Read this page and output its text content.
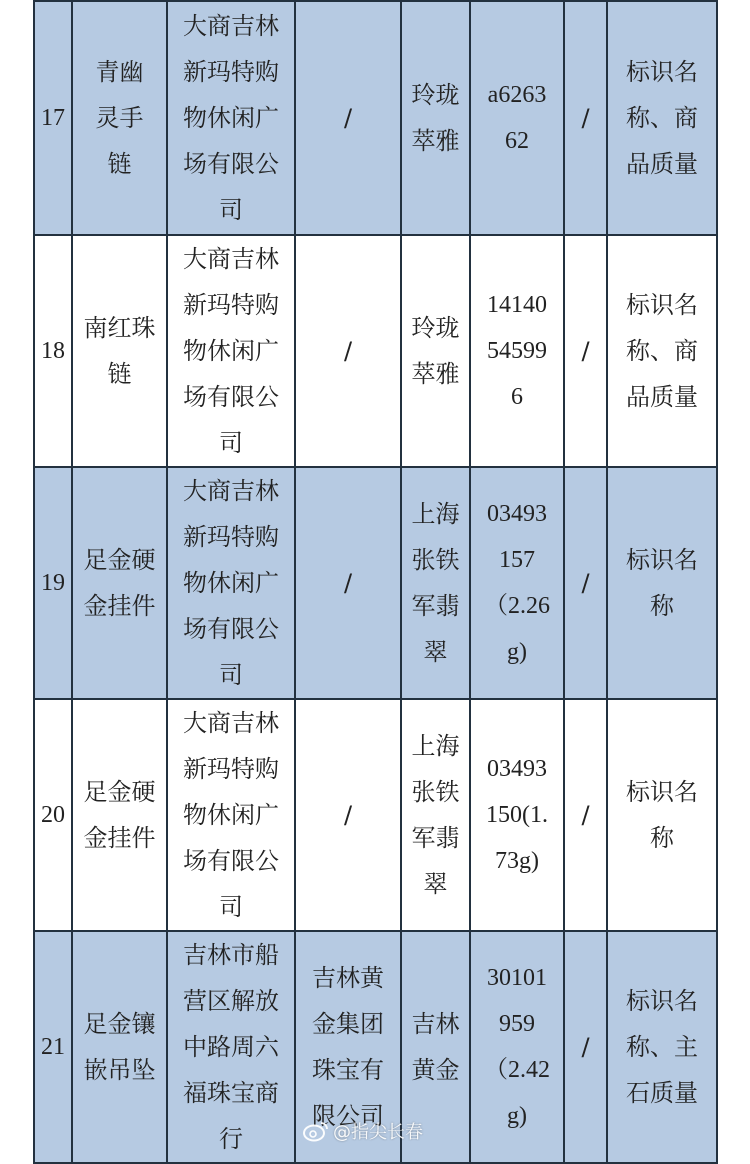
17	青幽灵手链	大商吉林新玛特购物休闲广场有限公司	/	玲珑萃雅	a626362	/	标识名称、商品质量

18	南红珠链	大商吉林新玛特购物休闲广场有限公司	/	玲珑萃雅	14140545996	/	标识名称、商品质量

19	足金硬金挂件	大商吉林新玛特购物休闲广场有限公司	/	上海张铁军翡翠	03493157（2.26g)	/	标识名称

20	足金硬金挂件	大商吉林新玛特购物休闲广场有限公司	/	上海张铁军翡翠	03493150(1.73g)	/	标识名称

21	足金镶嵌吊坠	吉林市船营区解放中路周六福珠宝商行	吉林黄金集团珠宝有限公司	吉林黄金	30101959（2.42g)	/	标识名称、主石质量
@指尖长春
